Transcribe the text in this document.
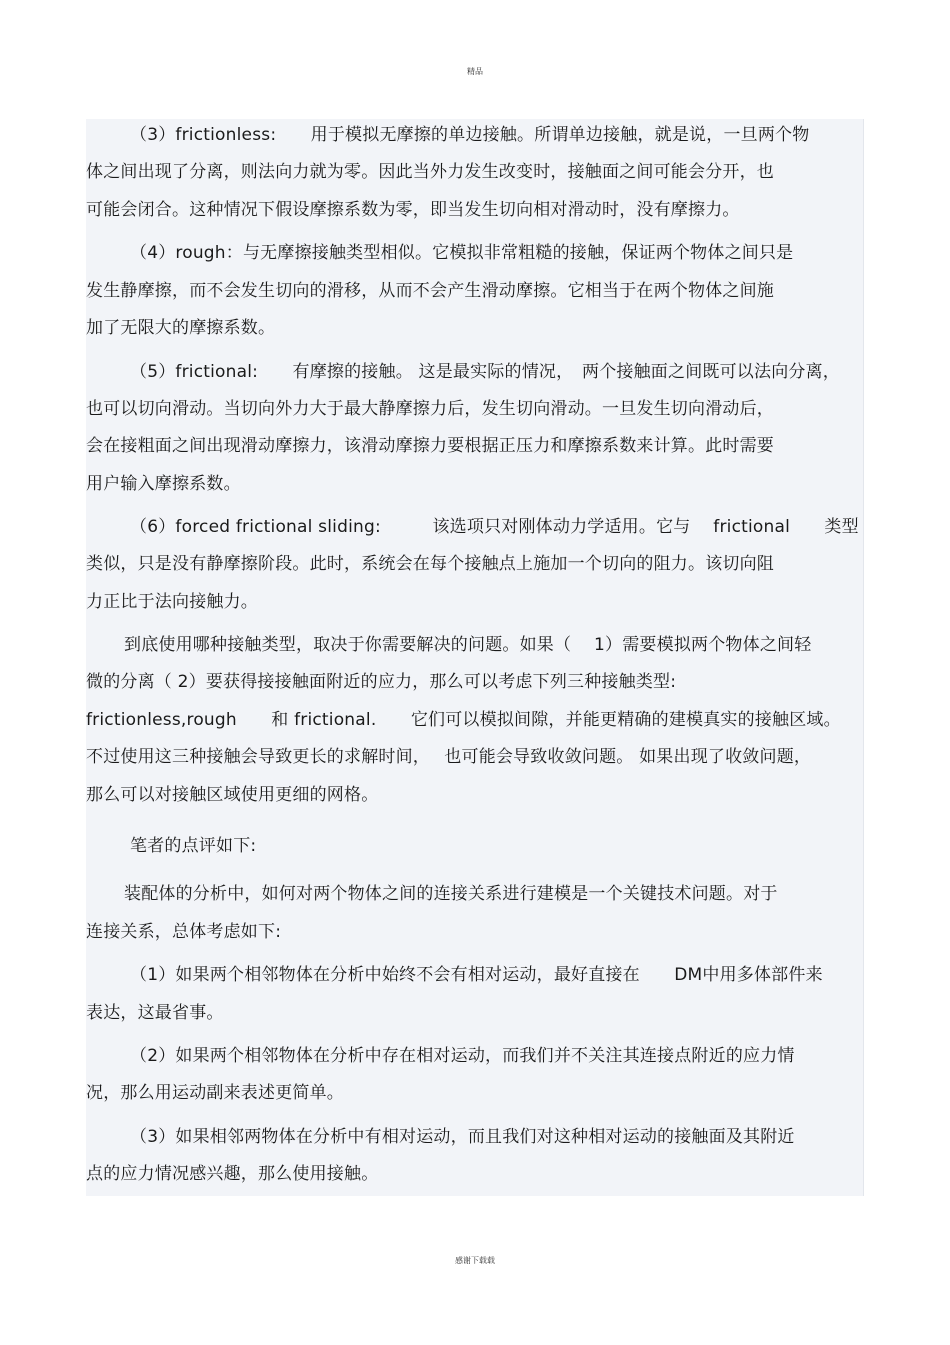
精品
（3）frictionless:　　用于模拟无摩擦的单边接触。所谓单边接触，就是说，一旦两个物
体之间出现了分离，则法向力就为零。因此当外力发生改变时，接触面之间可能会分开，也
可能会闭合。这种情况下假设摩擦系数为零，即当发生切向相对滑动时，没有摩擦力。
（4）rough：与无摩擦接触类型相似。它模拟非常粗糙的接触，保证两个物体之间只是
发生静摩擦，而不会发生切向的滑移，从而不会产生滑动摩擦。它相当于在两个物体之间施
加了无限大的摩擦系数。
（5）frictional:　　有摩擦的接触。 这是最实际的情况，　两个接触面之间既可以法向分离，
也可以切向滑动。当切向外力大于最大静摩擦力后，发生切向滑动。一旦发生切向滑动后，
会在接粗面之间出现滑动摩擦力，该滑动摩擦力要根据正压力和摩擦系数来计算。此时需要
用户输入摩擦系数。
（6）forced frictional sliding:　　　该选项只对刚体动力学适用。它与　 frictional　　类型
类似，只是没有静摩擦阶段。此时，系统会在每个接触点上施加一个切向的阻力。该切向阻
力正比于法向接触力。
到底使用哪种接触类型，取决于你需要解决的问题。如果（　 1）需要模拟两个物体之间轻
微的分离（ 2）要获得接接触面附近的应力，那么可以考虑下列三种接触类型:
frictionless,rough　　和 frictional.　　它们可以模拟间隙，并能更精确的建模真实的接触区域。
不过使用这三种接触会导致更长的求解时间，　 也可能会导致收敛问题。 如果出现了收敛问题，
那么可以对接触区域使用更细的网格。
笔者的点评如下:
装配体的分析中，如何对两个物体之间的连接关系进行建模是一个关键技术问题。对于
连接关系，总体考虑如下:
（1）如果两个相邻物体在分析中始终不会有相对运动，最好直接在　　DM中用多体部件来
表达，这最省事。
（2）如果两个相邻物体在分析中存在相对运动，而我们并不关注其连接点附近的应力情
况，那么用运动副来表述更简单。
（3）如果相邻两物体在分析中有相对运动，而且我们对这种相对运动的接触面及其附近
点的应力情况感兴趣，那么使用接触。
感谢下载载
